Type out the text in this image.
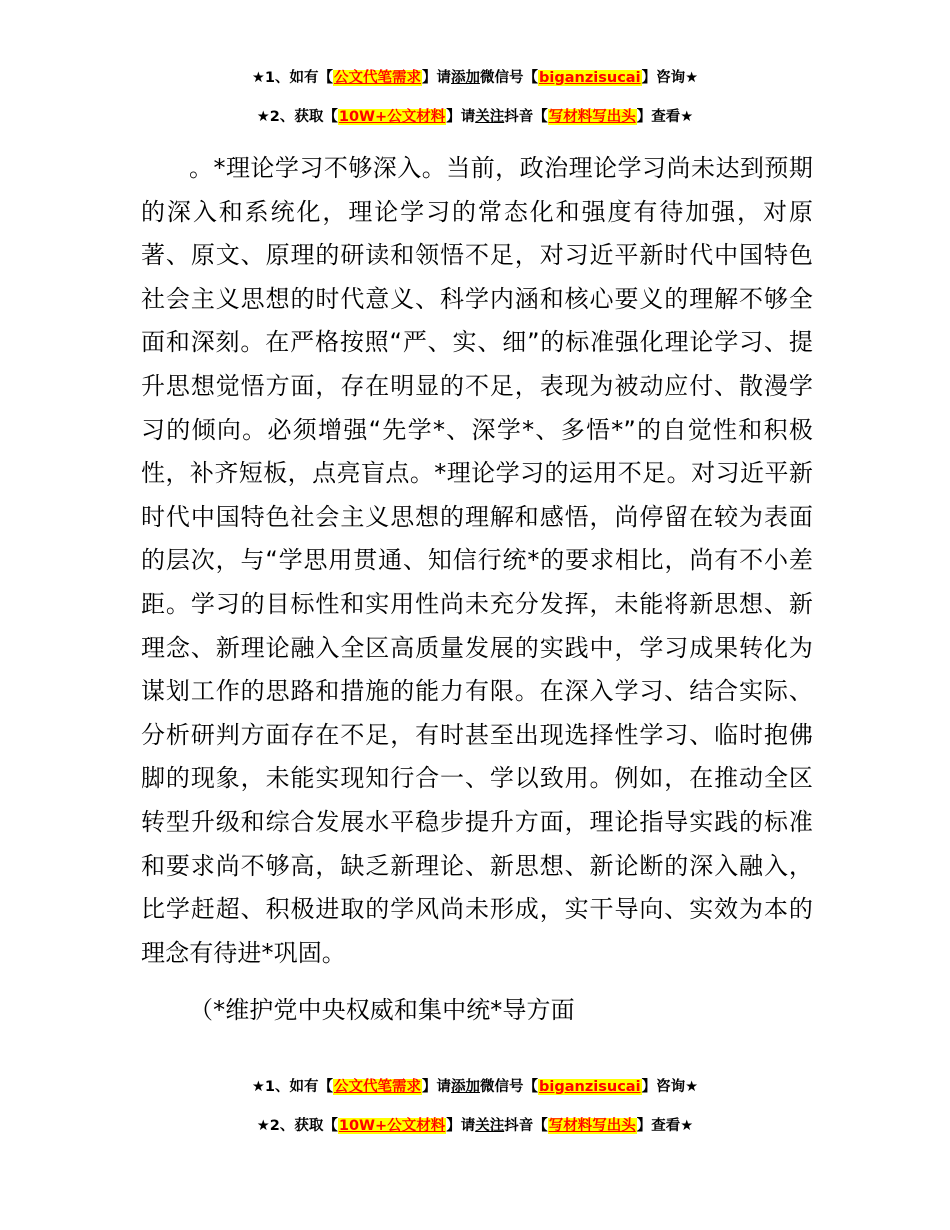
★1、如有【公文代笔需求】请添加微信号【biganzisucai】咨询★
★2、获取【10W+公文材料】请关注抖音【写材料写出头】查看★

。*理论学习不够深入。当前，政治理论学习尚未达到预期的深入和系统化，理论学习的常态化和强度有待加强，对原著、原文、原理的研读和领悟不足，对习近平新时代中国特色社会主义思想的时代意义、科学内涵和核心要义的理解不够全面和深刻。在严格按照“严、实、细”的标准强化理论学习、提升思想觉悟方面，存在明显的不足，表现为被动应付、散漫学习的倾向。必须增强“先学*、深学*、多悟*”的自觉性和积极性，补齐短板，点亮盲点。*理论学习的运用不足。对习近平新时代中国特色社会主义思想的理解和感悟，尚停留在较为表面的层次，与“学思用贯通、知信行统*的要求相比，尚有不小差距。学习的目标性和实用性尚未充分发挥，未能将新思想、新理念、新理论融入全区高质量发展的实践中，学习成果转化为谋划工作的思路和措施的能力有限。在深入学习、结合实际、分析研判方面存在不足，有时甚至出现选择性学习、临时抱佛脚的现象，未能实现知行合一、学以致用。例如，在推动全区转型升级和综合发展水平稳步提升方面，理论指导实践的标准和要求尚不够高，缺乏新理论、新思想、新论断的深入融入，比学赶超、积极进取的学风尚未形成，实干导向、实效为本的理念有待进*巩固。

（*维护党中央权威和集中统*导方面

★1、如有【公文代笔需求】请添加微信号【biganzisucai】咨询★
★2、获取【10W+公文材料】请关注抖音【写材料写出头】查看★
